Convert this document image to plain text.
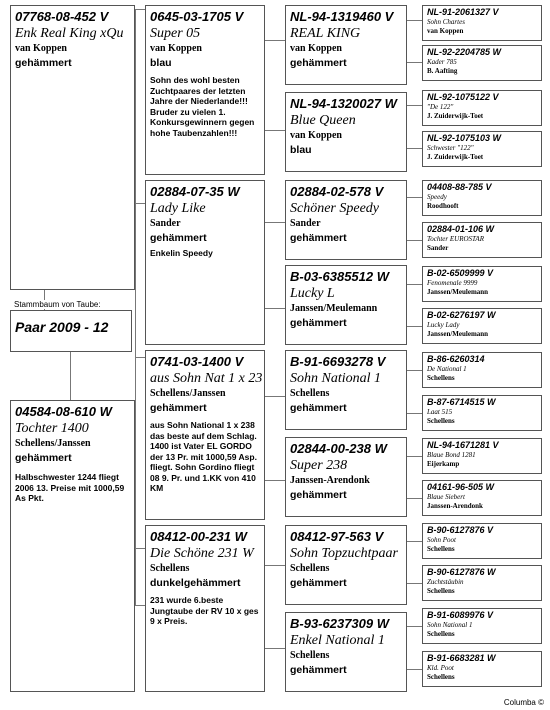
07768-08-452 V
Enk Real King xQu
van Koppen
gehämmert
Stammbaum von Taube:
Paar 2009 - 12
04584-08-610 W
Tochter 1400
Schellens/Janssen
gehämmert
Halbschwester 1244 fliegt 2006 13. Preise mit 1000,59 As Pkt.
0645-03-1705 V
Super 05
van Koppen
blau
Sohn des wohl besten Zuchtpaares der letzten Jahre der Niederlande!!! Bruder zu vielen 1. Konkursgewinnern gegen hohe Taubenzahlen!!!
02884-07-35 W
Lady Like
Sander
gehämmert
Enkelin Speedy
0741-03-1400 V
aus Sohn Nat 1 x 23
Schellens/Janssen
gehämmert
aus Sohn National 1 x 238 das beste auf dem Schlag. 1400 ist Vater EL GORDO der 13 Pr. mit 1000,59 Asp. fliegt. Sohn Gordino fliegt 08 9. Pr. und 1.KK von 410 KM
08412-00-231 W
Die Schöne 231 W
Schellens
dunkelgehämmert
231 wurde 6.beste Jungtaube der RV 10 x ges 9 x Preis.
NL-94-1319460 V
REAL KING
van Koppen
gehämmert
NL-94-1320027 W
Blue Queen
van Koppen
blau
02884-02-578 V
Schöner Speedy
Sander
gehämmert
B-03-6385512 W
Lucky L
Janssen/Meulemann
gehämmert
B-91-6693278 V
Sohn National 1
Schellens
gehämmert
02844-00-238 W
Super 238
Janssen-Arendonk
gehämmert
08412-97-563 V
Sohn Topzuchtpaar
Schellens
gehämmert
B-93-6237309 W
Enkel National 1
Schellens
gehämmert
NL-91-2061327 V
Sohn Chartes
van Koppen
NL-92-2204785 W
Kader 785
B. Aafting
NL-92-1075122 V
"De 122"
J. Zuiderwijk-Toet
NL-92-1075103 W
Schwester "122"
J. Zuiderwijk-Toet
04408-88-785 V
Speedy
Roodhooft
02884-01-106 W
Tochter EUROSTAR
Sander
B-02-6509999 V
Fenomenale 9999
Janssen/Meulemann
B-02-6276197 W
Lucky Lady
Janssen/Meulemann
B-86-6260314
De National 1
Schellens
B-87-6714515 W
Laat 515
Schellens
NL-94-1671281 V
Blaue Bond 1281
Eijerkamp
04161-96-505 W
Blaue Siebert
Janssen-Arendonk
B-90-6127876 V
Sohn Poot
Schellens
B-90-6127876 W
Zuchtstäubin
Schellens
B-91-6089976 V
Sohn National 1
Schellens
B-91-6683281 W
Kld. Poot
Schellens
Columba ©
